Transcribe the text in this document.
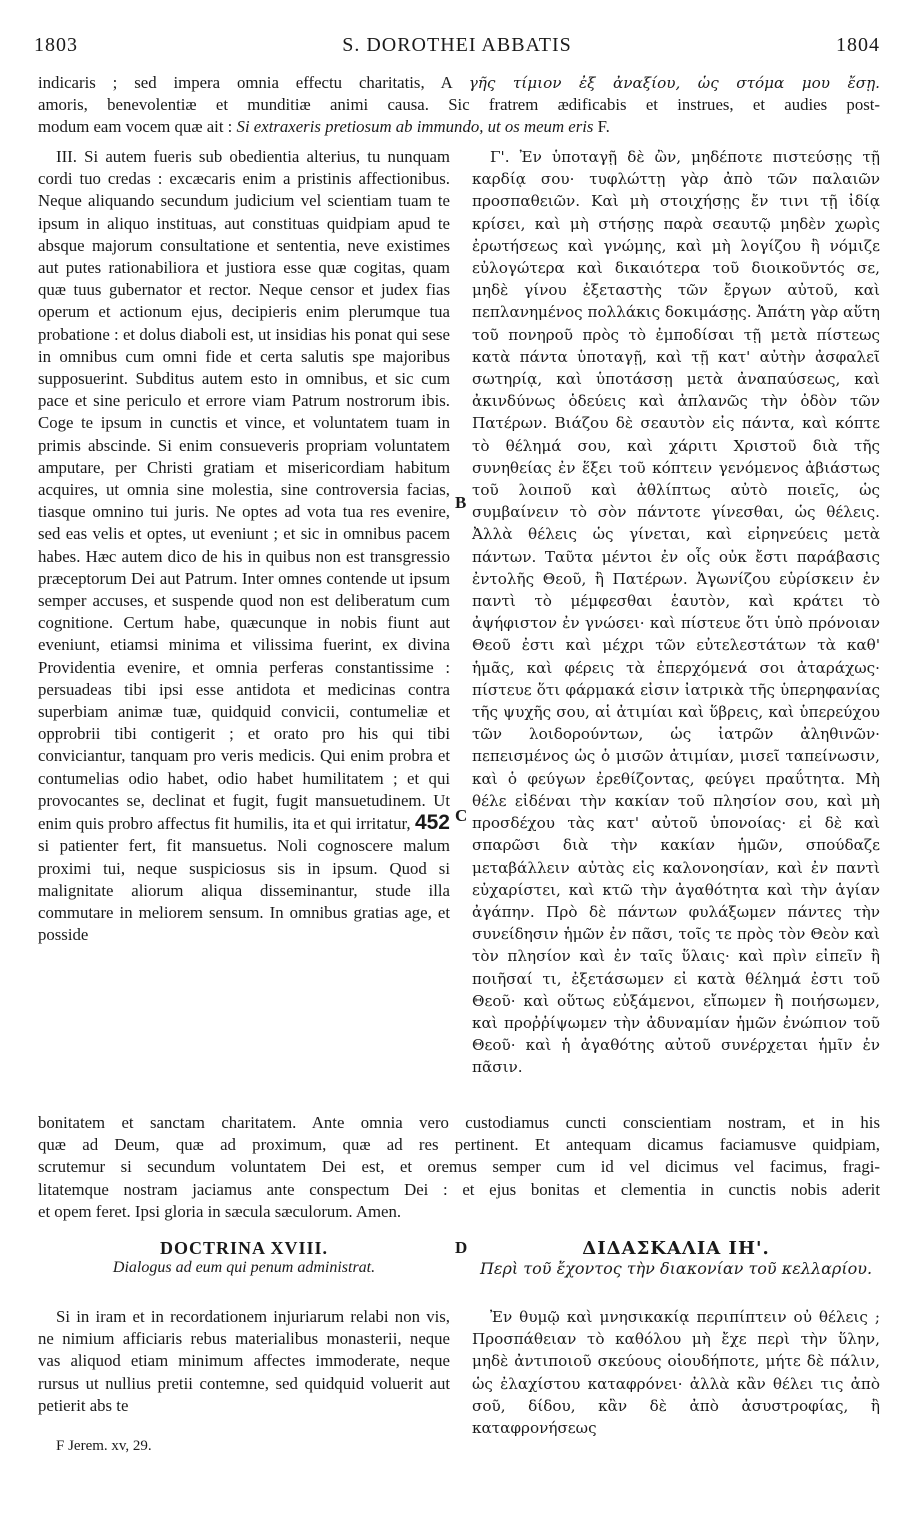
1803	S. DOROTHEI ABBATIS	1804
indicaris ; sed impera omnia effectu charitatis, A γῆς τίμιον ἐξ ἀναξίου, ὡς στόμα μου ἔσῃ.
amoris, benevolentiæ et munditiæ animi causa. Sic fratrem ædificabis et instrues, et audies post-
modum eam vocem quæ ait : Si extraxeris pretiosum ab immundo, ut os meum eris F.

III. Si autem fueris sub obedientia alterius, tu nunquam cordi tuo credas : excæcaris enim a pristinis affectionibus. Neque aliquando secundum judicium vel scientiam tuam te ipsum in aliquo instituas, aut constituas quidpiam apud te absque majorum consultatione et sententia, neve existimes aut putes rationabiliora et justiora esse quæ cogitas, quam quæ tuus gubernator et rector. Neque censor et judex fias operum et actionum ejus, decipieris enim plerumque tua probatione : et dolus diaboli est, ut insidias his ponat qui sese in omnibus cum omni fide et certa salutis spe majoribus supposuerint. Subditus autem esto in omnibus, et sic cum pace et sine periculo et errore viam Patrum nostrorum ibis. Coge te ipsum in cunctis et vince, et voluntatem tuam in primis abscinde. Si enim consueveris propriam voluntatem amputare, per Christi gratiam et misericordiam habitum acquires, ut omnia sine molestia, sine controversia facias, tiasque omnino tui juris. Ne optes ad vota tua res evenire, sed eas velis et optes, ut eveniunt ; et sic in omnibus pacem habes. Hæc autem dico de his in quibus non est transgressio præceptorum Dei aut Patrum. Inter omnes contende ut ipsum semper accuses, et suspende quod non est deliberatum cum cognitione. Certum habe, quæcunque in nobis fiunt aut eveniunt, etiamsi minima et vilissima fuerint, ex divina Providentia evenire, et omnia perferas constantissime : persuadeas tibi ipsi esse antidota et medicinas contra superbiam animæ tuæ, quidquid convicii, contumeliæ et opprobrii tibi contigerit ; et orato pro his qui tibi conviciantur, tanquam pro veris medicis. Qui enim probra et contumelias odio habet, odio habet humilitatem ; et qui provocantes se, declinat et fugit, fugit mansuetudinem. Ut enim quis probro affectus fit humilis, ita et qui irritatur, 452 si patienter fert, fit mansuetus. Noli cognoscere malum proximi tui, neque suspiciosus sis in ipsum. Quod si malignitate aliorum aliqua disseminantur, stude illa commutare in meliorem sensum. In omnibus gratias age, et posside

Γ'. Ἐν ὑποταγῇ δὲ ὢν, μηδέποτε πιστεύσῃς τῇ καρδίᾳ σου· τυφλώττῃ γὰρ ἀπὸ τῶν παλαιῶν προσπαθειῶν. Καὶ μὴ στοιχήσῃς ἔν τινι τῇ ἰδίᾳ κρίσει, καὶ μὴ στήσῃς παρὰ σεαυτῷ μηδὲν χωρὶς ἐρωτήσεως καὶ γνώμης, καὶ μὴ λογίζου ἢ νόμιζε εὐλογώτερα καὶ δικαιότερα τοῦ διοικοῦντός σε, μηδὲ γίνου ἐξεταστὴς τῶν ἔργων αὐτοῦ, καὶ πεπλανημένος πολλάκις δοκιμάσῃς. Ἀπάτη γὰρ αὕτη τοῦ πονηροῦ πρὸς τὸ ἐμποδίσαι τῇ μετὰ πίστεως κατὰ πάντα ὑποταγῇ, καὶ τῇ κατ' αὐτὴν ἀσφαλεῖ σωτηρίᾳ, καὶ ὑποτάσσῃ μετὰ ἀναπαύσεως, καὶ ἀκινδύνως ὁδεύεις καὶ ἀπλανῶς τὴν ὁδὸν τῶν Πατέρων. Βιάζου δὲ σεαυτὸν εἰς πάντα, καὶ κόπτε τὸ θέλημά σου, καὶ χάριτι Χριστοῦ διὰ τῆς συνηθείας ἐν ἕξει τοῦ κόπτειν γενόμενος ἀβιάστως τοῦ λοιποῦ καὶ ἀθλίπτως αὐτὸ ποιεῖς, ὡς συμβαίνειν τὸ σὸν πάντοτε γίνεσθαι, ὡς θέλεις. Ἀλλὰ θέλεις ὡς γίνεται, καὶ εἰρηνεύεις μετὰ πάντων. Ταῦτα μέντοι ἐν οἷς οὐκ ἔστι παράβασις ἐντολῆς Θεοῦ, ἢ Πατέρων. Ἀγωνίζου εὑρίσκειν ἐν παντὶ τὸ μέμφεσθαι ἑαυτὸν, καὶ κράτει τὸ ἀψήφιστον ἐν γνώσει· καὶ πίστευε ὅτι ὑπὸ πρόνοιαν Θεοῦ ἐστι καὶ μέχρι τῶν εὐτελεστάτων τὰ καθ' ἡμᾶς, καὶ φέρεις τὰ ἐπερχόμενά σοι ἀταράχως· πίστευε ὅτι φάρμακά εἰσιν ἰατρικὰ τῆς ὑπερηφανίας τῆς ψυχῆς σου, αἱ ἀτιμίαι καὶ ὕβρεις, καὶ ὑπερεύχου τῶν λοιδορούντων, ὡς ἰατρῶν ἀληθινῶν· πεπεισμένος ὡς ὁ μισῶν ἀτιμίαν, μισεῖ ταπείνωσιν, καὶ ὁ φεύγων ἐρεθίζοντας, φεύγει πραΰτητα. Μὴ θέλε εἰδέναι τὴν κακίαν τοῦ πλησίον σου, καὶ μὴ προσδέχου τὰς κατ' αὐτοῦ ὑπονοίας· εἰ δὲ καὶ σπαρῶσι διὰ τὴν κακίαν ἡμῶν, σπούδαζε μεταβάλλειν αὐτὰς εἰς καλονοησίαν, καὶ ἐν παντὶ εὐχαρίστει, καὶ κτῶ τὴν ἀγαθότητα καὶ τὴν ἁγίαν ἀγάπην. Πρὸ δὲ πάντων φυλάξωμεν πάντες τὴν συνείδησιν ἡμῶν ἐν πᾶσι, τοῖς τε πρὸς τὸν Θεὸν καὶ τὸν πλησίον καὶ ἐν ταῖς ὕλαις· καὶ πρὶν εἰπεῖν ἢ ποιῆσαί τι, ἐξετάσωμεν εἰ κατὰ θέλημά ἐστι τοῦ Θεοῦ· καὶ οὕτως εὐξάμενοι, εἴπωμεν ἢ ποιήσωμεν, καὶ προῤῥίψωμεν τὴν ἀδυναμίαν ἡμῶν ἐνώπιον τοῦ Θεοῦ· καὶ ἡ ἀγαθότης αὐτοῦ συνέρχεται ἡμῖν ἐν πᾶσιν.

B
C
bonitatem et sanctam charitatem. Ante omnia vero custodiamus cuncti conscientiam nostram, et in his
quæ ad Deum, quæ ad proximum, quæ ad res pertinent. Et antequam dicamus faciamusve quidpiam,
scrutemur si secundum voluntatem Dei est, et oremus semper cum id vel dicimus vel facimus, fragi-
litatemque nostram jaciamus ante conspectum Dei : et ejus bonitas et clementia in cunctis nobis aderit
et opem feret. Ipsi gloria in sæcula sæculorum. Amen.
DOCTRINA XVIII.
Dialogus ad eum qui penum administrat.
D	ΔΙΔΑΣΚΑΛΙΑ ΙΗ'.
Περὶ τοῦ ἔχοντος τὴν διακονίαν τοῦ κελλαρίου.

Si in iram et in recordationem injuriarum relabi non vis, ne nimium afficiaris rebus materialibus monasterii, neque vas aliquod etiam minimum affectes immoderate, neque rursus ut nullius pretii contemne, sed quidquid voluerit aut petierit abs te

Ἐν θυμῷ καὶ μνησικακίᾳ περιπίπτειν οὐ θέλεις ; Προσπάθειαν τὸ καθόλου μὴ ἔχε περὶ τὴν ὕλην, μηδὲ ἀντιποιοῦ σκεύους οἱουδήποτε, μήτε δὲ πάλιν, ὡς ἐλαχίστου καταφρόνει· ἀλλὰ κἂν θέλει τις ἀπὸ σοῦ, δίδου, κἂν δὲ ἀπὸ ἀσυστροφίας, ἢ καταφρονήσεως

F Jerem. xv, 29.
